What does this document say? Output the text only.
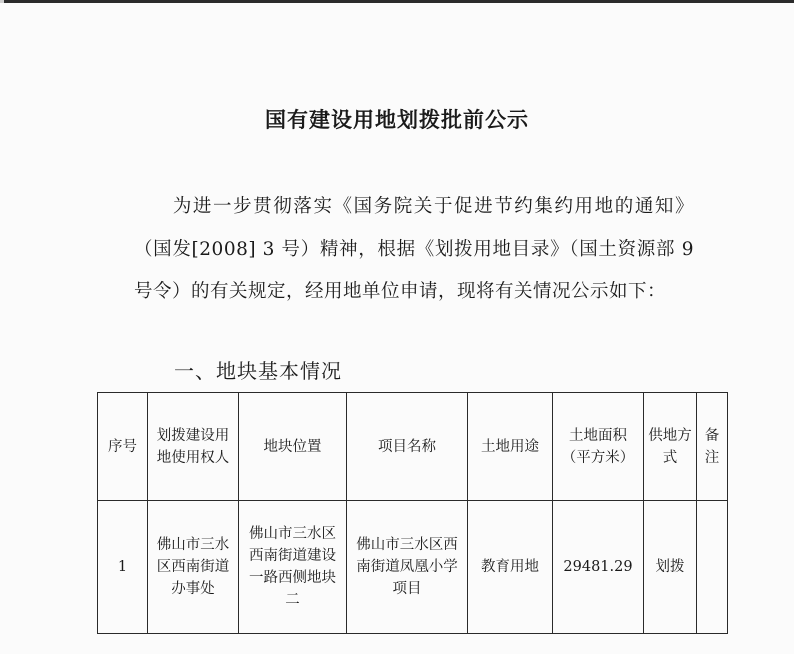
国有建设用地划拨批前公示
为进一步贯彻落实《国务院关于促进节约集约用地的通知》（国发[2008] 3 号）精神，根据《划拨用地目录》（国土资源部 9 号令）的有关规定，经用地单位申请，现将有关情况公示如下：
一、地块基本情况
序号	划拨建设用地使用权人	地块位置	项目名称	土地用途	土地面积（平方米）	供地方式	备注
1	佛山市三水区西南街道办事处	佛山市三水区西南街道建设一路西侧地块二	佛山市三水区西南街道凤凰小学项目	教育用地	29481.29	划拨	
